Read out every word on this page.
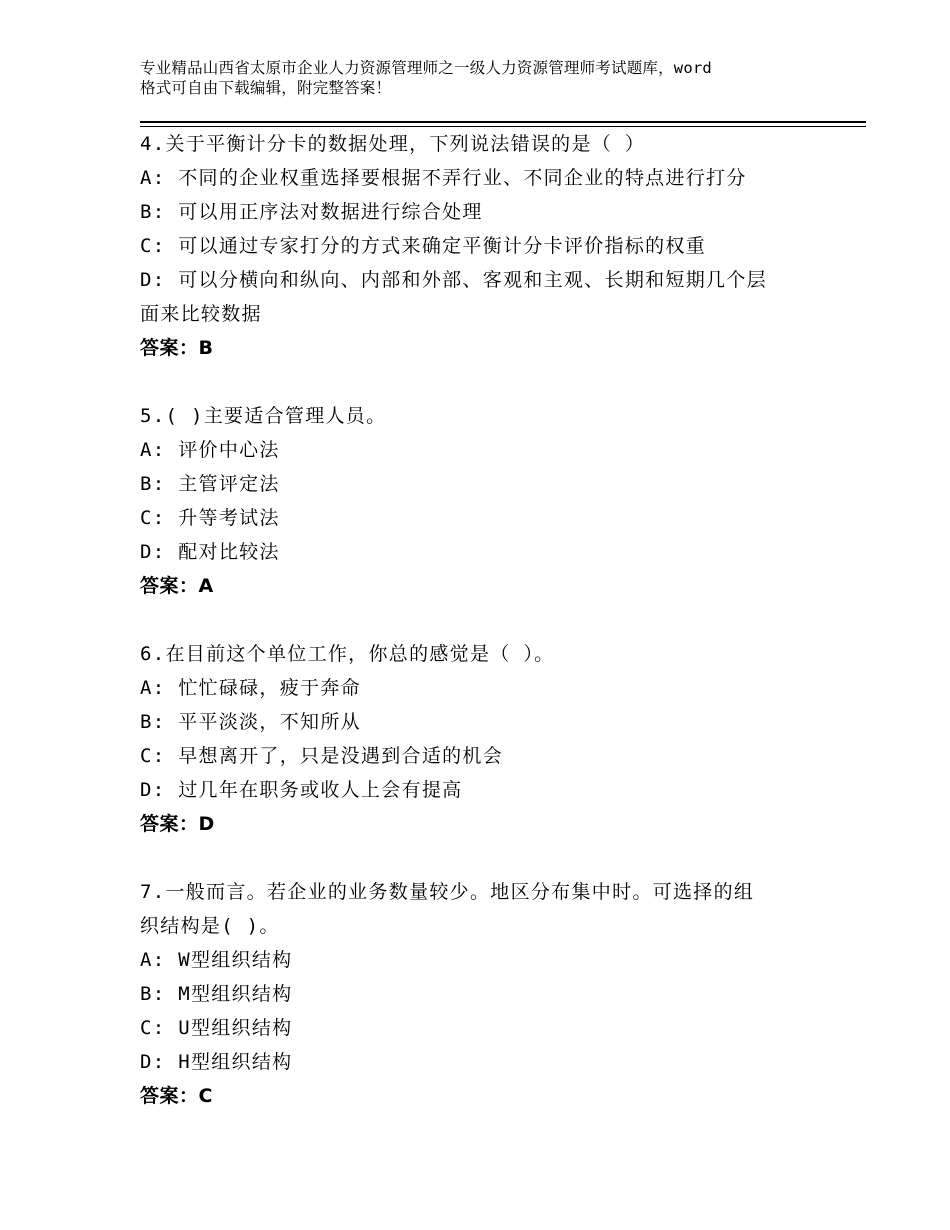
专业精品山西省太原市企业人力资源管理师之一级人力资源管理师考试题库，word
格式可自由下载编辑，附完整答案！
4.关于平衡计分卡的数据处理，下列说法错误的是（ ）
A: 不同的企业权重选择要根据不弄行业、不同企业的特点进行打分
B: 可以用正序法对数据进行综合处理
C: 可以通过专家打分的方式来确定平衡计分卡评价指标的权重
D: 可以分横向和纵向、内部和外部、客观和主观、长期和短期几个层
面来比较数据
答案：B
5.( )主要适合管理人员。
A: 评价中心法
B: 主管评定法
C: 升等考试法
D: 配对比较法
答案：A
6.在目前这个单位工作，你总的感觉是（ ）。
A: 忙忙碌碌，疲于奔命
B: 平平淡淡，不知所从
C: 早想离开了，只是没遇到合适的机会
D: 过几年在职务或收人上会有提高
答案：D
7.一般而言。若企业的业务数量较少。地区分布集中时。可选择的组
织结构是( )。
A: W型组织结构
B: M型组织结构
C: U型组织结构
D: H型组织结构
答案：C
